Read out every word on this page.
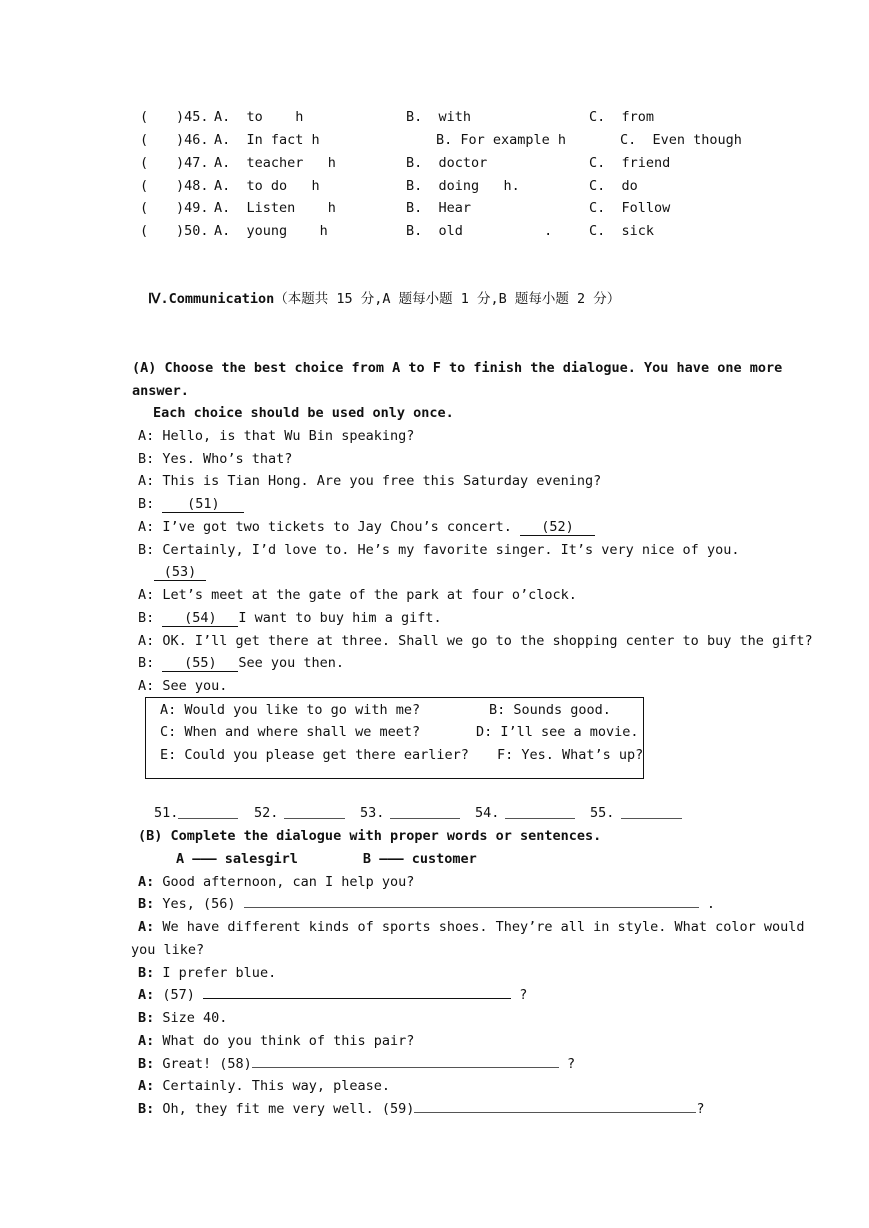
( )45. A.  to    h	B.  with	C.  from
( )46. A.  In fact h	B. For example h	C.  Even though
( )47. A.  teacher   h	B.  doctor	C.  friend
( )48. A.  to do   h	B.  doing   h.	C.  do
( )49. A.  Listen    h	B.  Hear	C.  Follow
( )50. A.  young    h	B.  old          .	C.  sick
Ⅳ.Communication（本题共 15 分,A 题每小题 1 分,B 题每小题 2 分）
(A) Choose the best choice from A to F to finish the dialogue. You have one more
answer.
Each choice should be used only once.
A: Hello, is that Wu Bin speaking?
B: Yes. Who’s that?
A: This is Tian Hong. Are you free this Saturday evening?
B: (51)
A: I’ve got two tickets to Jay Chou’s concert. (52)
B: Certainly, I’d love to. He’s my favorite singer. It’s very nice of you.
(53)
A: Let’s meet at the gate of the park at four o’clock.
B: (54) I want to buy him a gift.
A: OK. I’ll get there at three. Shall we go to the shopping center to buy the gift?
B: (55) See you then.
A: See you.
A: Would you like to go with me?	B: Sounds good.
C: When and where shall we meet?	D: I’ll see a movie.
E: Could you please get there earlier? F: Yes. What’s up?
51.	52.	53.	54.	55.
(B) Complete the dialogue with proper words or sentences.
A ——— salesgirl        B ——— customer
A: Good afternoon, can I help you?
B: Yes, (56)	.
A: We have different kinds of sports shoes. They’re all in style. What color would
you like?
B: I prefer blue.
A: (57)	?
B: Size 40.
A: What do you think of this pair?
B: Great! (58)	?
A: Certainly. This way, please.
B: Oh, they fit me very well. (59)	?
